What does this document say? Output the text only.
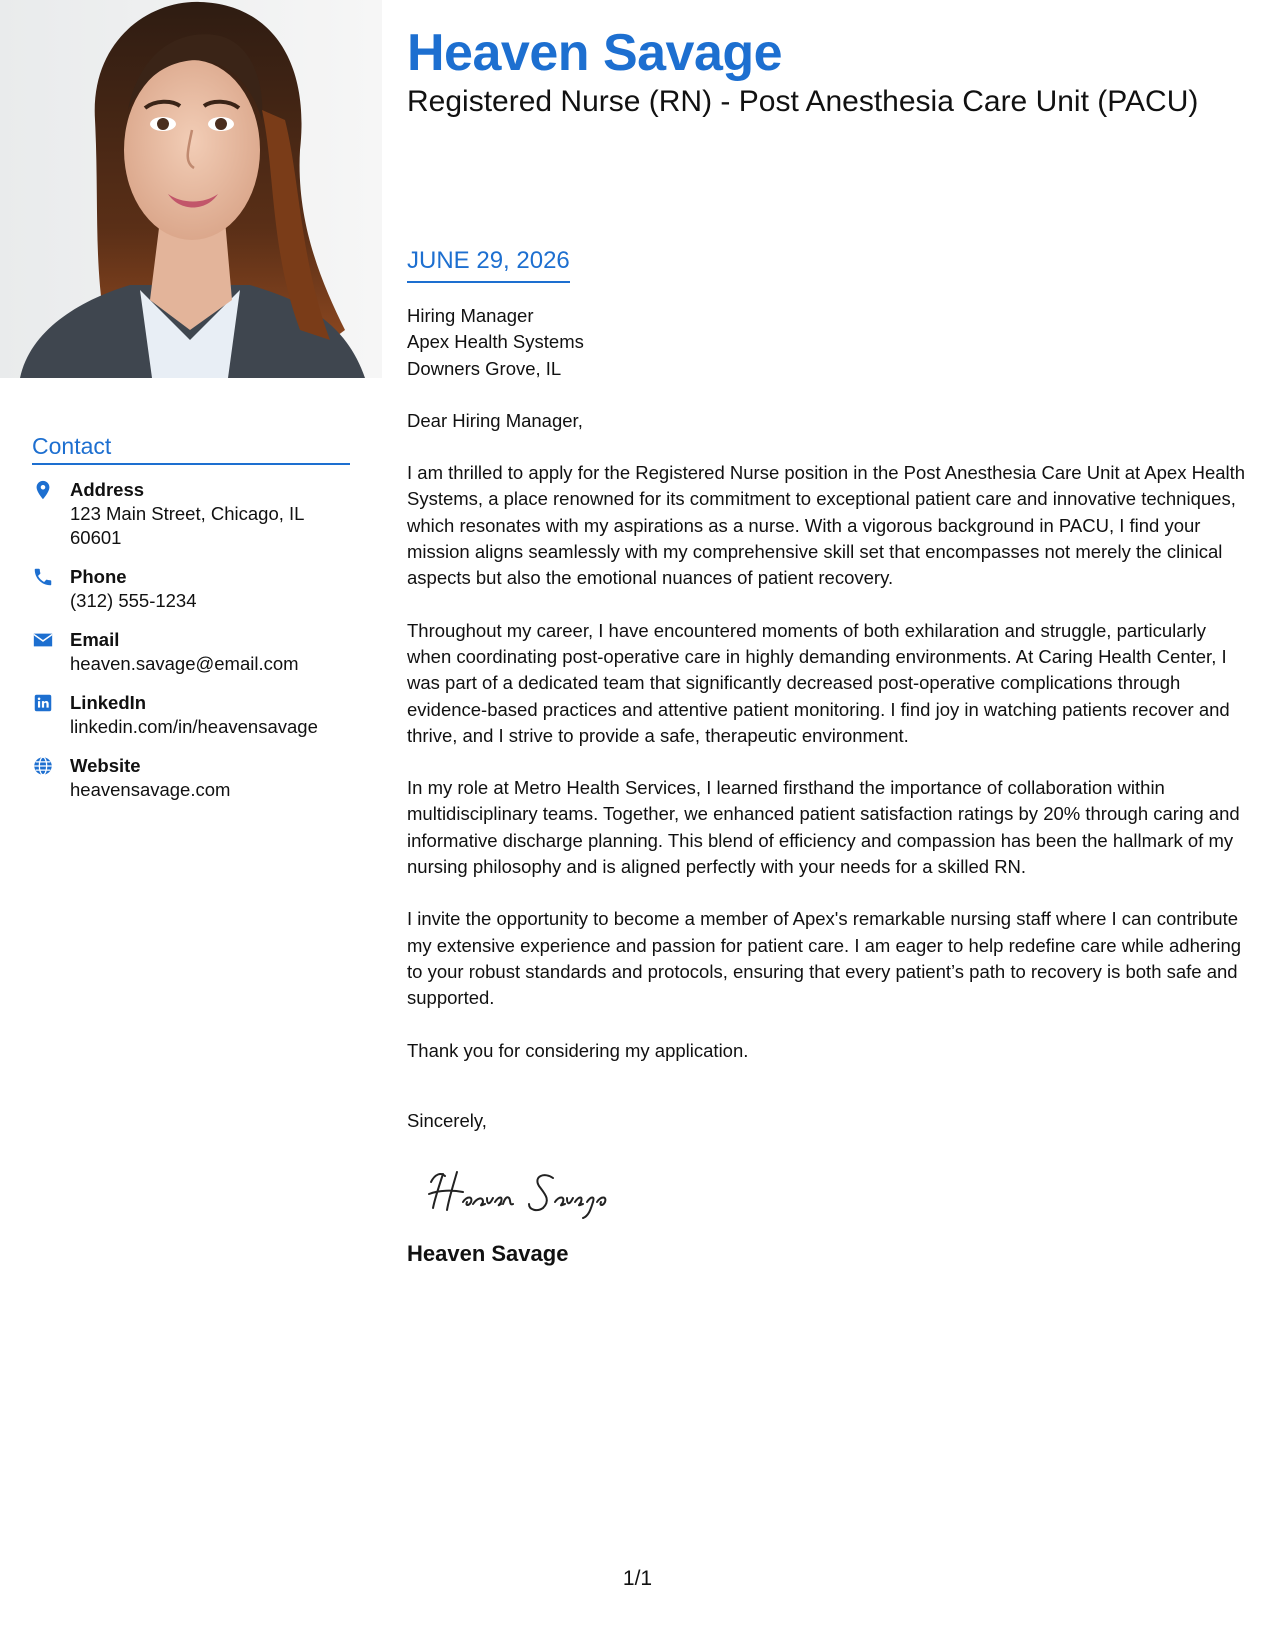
Heaven Savage
Registered Nurse (RN) - Post Anesthesia Care Unit (PACU)
Contact
Address
123 Main Street, Chicago, IL 60601
Phone
(312) 555-1234
Email
heaven.savage@email.com
LinkedIn
linkedin.com/in/heavensavage
Website
heavensavage.com
JUNE 29, 2026
Hiring Manager
Apex Health Systems
Downers Grove, IL

Dear Hiring Manager,

I am thrilled to apply for the Registered Nurse position in the Post Anesthesia Care Unit at Apex Health Systems, a place renowned for its commitment to exceptional patient care and innovative techniques, which resonates with my aspirations as a nurse. With a vigorous background in PACU, I find your mission aligns seamlessly with my comprehensive skill set that encompasses not merely the clinical aspects but also the emotional nuances of patient recovery.

Throughout my career, I have encountered moments of both exhilaration and struggle, particularly when coordinating post-operative care in highly demanding environments. At Caring Health Center, I was part of a dedicated team that significantly decreased post-operative complications through evidence-based practices and attentive patient monitoring. I find joy in watching patients recover and thrive, and I strive to provide a safe, therapeutic environment.

In my role at Metro Health Services, I learned firsthand the importance of collaboration within multidisciplinary teams. Together, we enhanced patient satisfaction ratings by 20% through caring and informative discharge planning. This blend of efficiency and compassion has been the hallmark of my nursing philosophy and is aligned perfectly with your needs for a skilled RN.

I invite the opportunity to become a member of Apex's remarkable nursing staff where I can contribute my extensive experience and passion for patient care. I am eager to help redefine care while adhering to your robust standards and protocols, ensuring that every patient’s path to recovery is both safe and supported.

Thank you for considering my application.

Sincerely,
Heaven Savage
1/1
